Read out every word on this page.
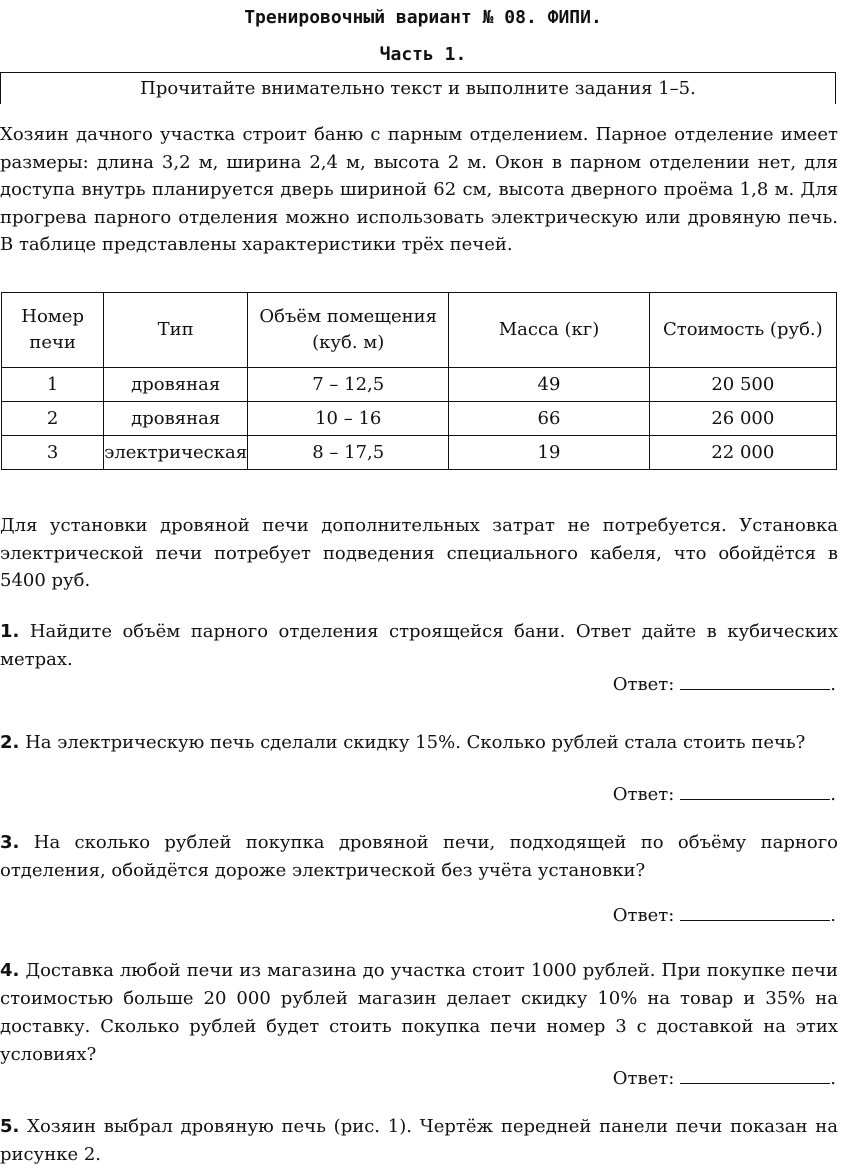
Тренировочный вариант № 08. ФИПИ.
Часть 1.
Прочитайте внимательно текст и выполните задания 1–5.
Хозяин дачного участка строит баню с парным отделением. Парное отделение имеет размеры: длина 3,2 м, ширина 2,4 м, высота 2 м. Окон в парном отделении нет, для доступа внутрь планируется дверь шириной 62 см, высота дверного проёма 1,8 м. Для прогрева парного отделения можно использовать электрическую или дровяную печь. В таблице представлены характеристики трёх печей.
Номер печи	Тип	Объём помещения (куб. м)	Масса (кг)	Стоимость (руб.)
1	дровяная	7 – 12,5	49	20 500
2	дровяная	10 – 16	66	26 000
3	электрическая	8 – 17,5	19	22 000
Для установки дровяной печи дополнительных затрат не потребуется. Установка электрической печи потребует подведения специального кабеля, что обойдётся в 5400 руб.
1. Найдите объём парного отделения строящейся бани. Ответ дайте в кубических метрах.
Ответ:	.
2. На электрическую печь сделали скидку 15%. Сколько рублей стала стоить печь?
Ответ:	.
3. На сколько рублей покупка дровяной печи, подходящей по объёму парного отделения, обойдётся дороже электрической без учёта установки?
Ответ:	.
4. Доставка любой печи из магазина до участка стоит 1000 рублей. При покупке печи стоимостью больше 20 000 рублей магазин делает скидку 10% на товар и 35% на доставку. Сколько рублей будет стоить покупка печи номер 3 с доставкой на этих условиях?
Ответ:	.
5. Хозяин выбрал дровяную печь (рис. 1). Чертёж передней панели печи показан на рисунке 2.
